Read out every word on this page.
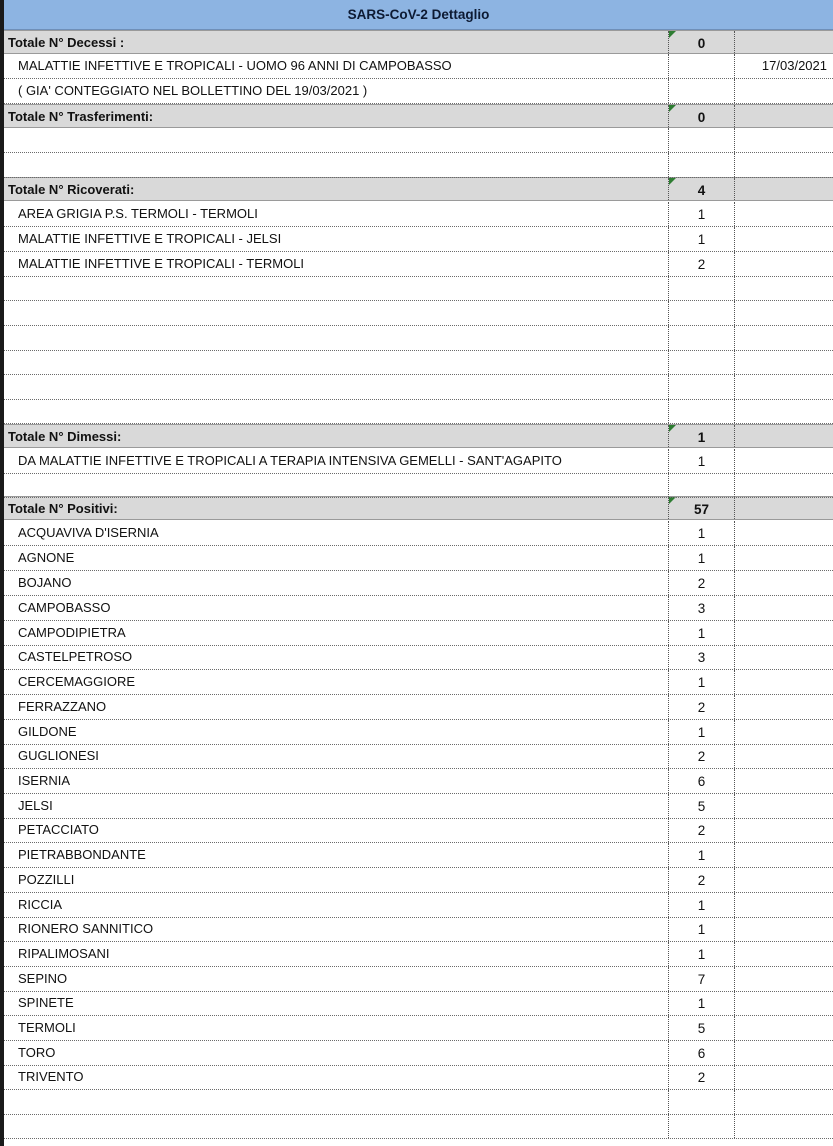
SARS-CoV-2 Dettaglio
Totale N° Decessi :	0
MALATTIE INFETTIVE E TROPICALI - UOMO 96 ANNI DI CAMPOBASSO	17/03/2021
( GIA' CONTEGGIATO NEL BOLLETTINO DEL 19/03/2021 )
Totale N° Trasferimenti:	0
Totale N° Ricoverati:	4
AREA GRIGIA P.S. TERMOLI - TERMOLI	1
MALATTIE INFETTIVE E TROPICALI - JELSI	1
MALATTIE INFETTIVE E TROPICALI - TERMOLI	2
Totale N° Dimessi:	1
DA MALATTIE INFETTIVE E TROPICALI A TERAPIA INTENSIVA GEMELLI - SANT'AGAPITO	1
Totale N° Positivi:	57
ACQUAVIVA D'ISERNIA	1
AGNONE	1
BOJANO	2
CAMPOBASSO	3
CAMPODIPIETRA	1
CASTELPETROSO	3
CERCEMAGGIORE	1
FERRAZZANO	2
GILDONE	1
GUGLIONESI	2
ISERNIA	6
JELSI	5
PETACCIATO	2
PIETRABBONDANTE	1
POZZILLI	2
RICCIA	1
RIONERO SANNITICO	1
RIPALIMOSANI	1
SEPINO	7
SPINETE	1
TERMOLI	5
TORO	6
TRIVENTO	2
